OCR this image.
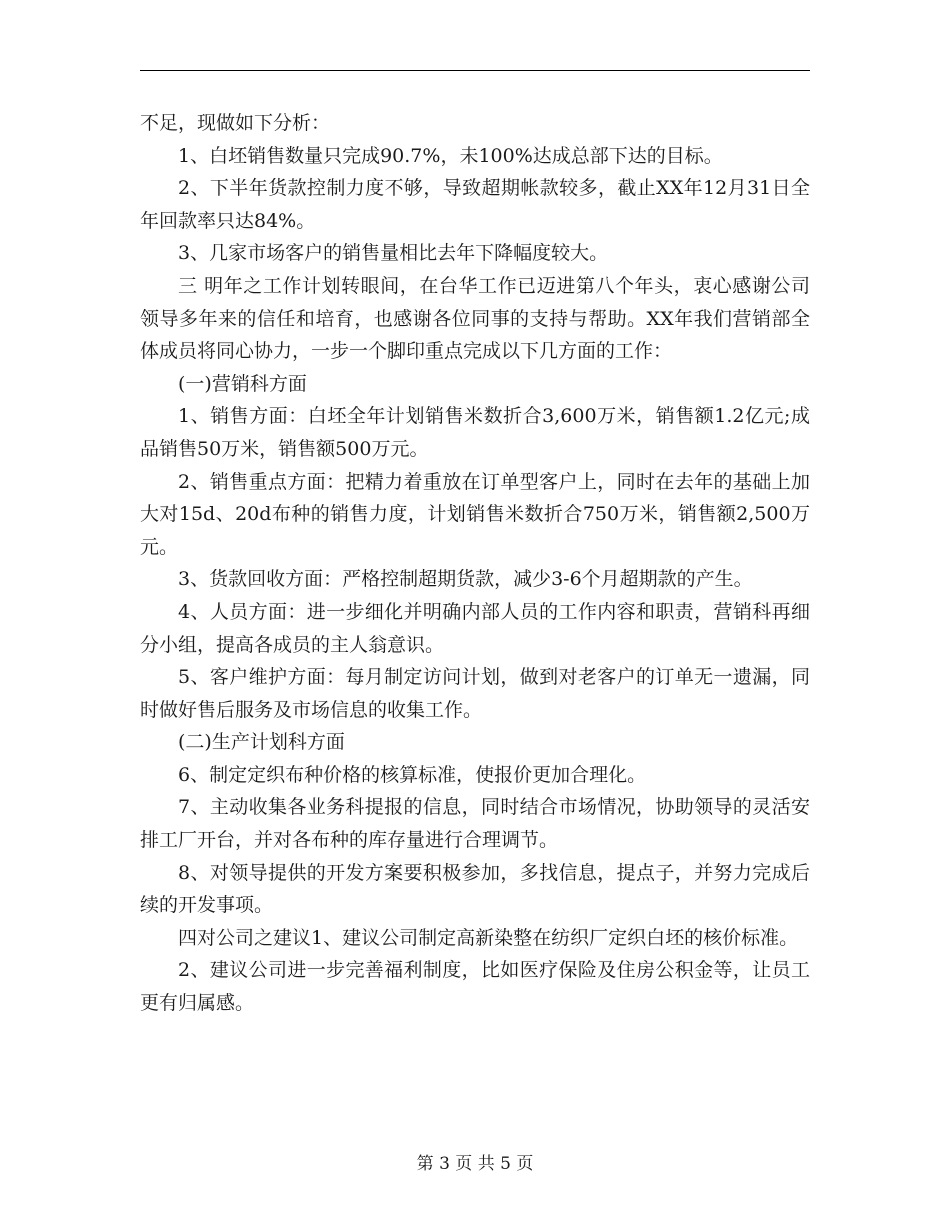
不足，现做如下分析：

1、白坯销售数量只完成90.7%，未100%达成总部下达的目标。

2、下半年货款控制力度不够，导致超期帐款较多，截止XX年12月31日全年回款率只达84%。

3、几家市场客户的销售量相比去年下降幅度较大。

三 明年之工作计划转眼间，在台华工作已迈进第八个年头，衷心感谢公司领导多年来的信任和培育，也感谢各位同事的支持与帮助。XX年我们营销部全体成员将同心协力，一步一个脚印重点完成以下几方面的工作：

(一)营销科方面

1、销售方面：白坯全年计划销售米数折合3,600万米，销售额1.2亿元;成品销售50万米，销售额500万元。

2、销售重点方面：把精力着重放在订单型客户上，同时在去年的基础上加大对15d、20d布种的销售力度，计划销售米数折合750万米，销售额2,500万元。

3、货款回收方面：严格控制超期货款，减少3-6个月超期款的产生。

4、人员方面：进一步细化并明确内部人员的工作内容和职责，营销科再细分小组，提高各成员的主人翁意识。

5、客户维护方面：每月制定访问计划，做到对老客户的订单无一遗漏，同时做好售后服务及市场信息的收集工作。

(二)生产计划科方面

6、制定定织布种价格的核算标准，使报价更加合理化。

7、主动收集各业务科提报的信息，同时结合市场情况，协助领导的灵活安排工厂开台，并对各布种的库存量进行合理调节。

8、对领导提供的开发方案要积极参加，多找信息，提点子，并努力完成后续的开发事项。

四对公司之建议1、建议公司制定高新染整在纺织厂定织白坯的核价标准。

2、建议公司进一步完善福利制度，比如医疗保险及住房公积金等，让员工更有归属感。

第 3 页 共 5 页
